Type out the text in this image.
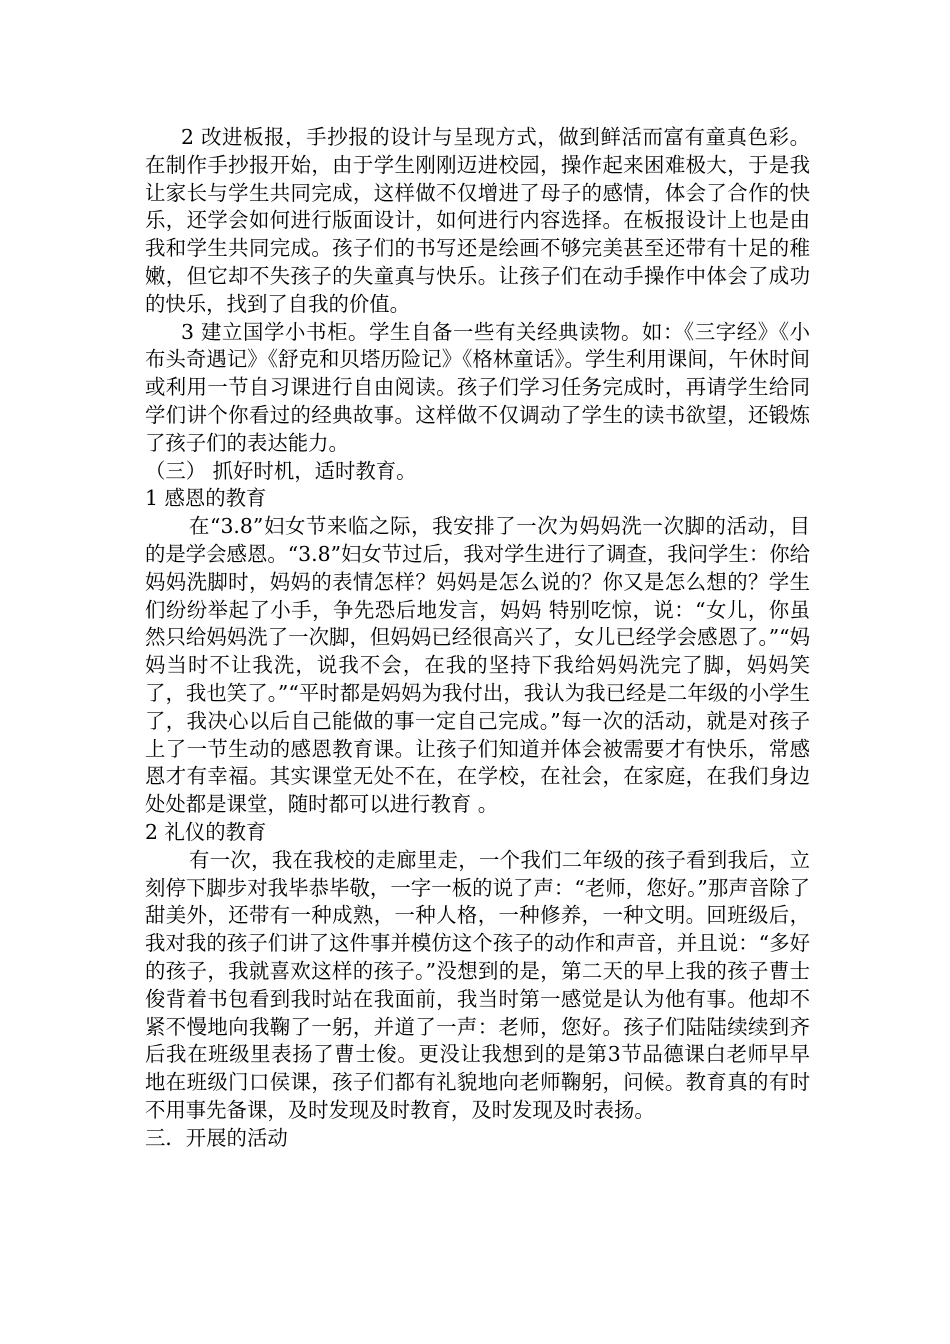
2 改进板报，手抄报的设计与呈现方式，做到鲜活而富有童真色彩。在制作手抄报开始，由于学生刚刚迈进校园，操作起来困难极大，于是我让家长与学生共同完成，这样做不仅增进了母子的感情，体会了合作的快乐，还学会如何进行版面设计，如何进行内容选择。在板报设计上也是由我和学生共同完成。孩子们的书写还是绘画不够完美甚至还带有十足的稚嫩，但它却不失孩子的失童真与快乐。让孩子们在动手操作中体会了成功的快乐，找到了自我的价值。

3 建立国学小书柜。学生自备一些有关经典读物。如：《三字经》《小布头奇遇记》《舒克和贝塔历险记》《格林童话》。学生利用课间，午休时间或利用一节自习课进行自由阅读。孩子们学习任务完成时，再请学生给同学们讲个你看过的经典故事。这样做不仅调动了学生的读书欲望，还锻炼了孩子们的表达能力。

（三） 抓好时机，适时教育。

1 感恩的教育

在“3.8”妇女节来临之际，我安排了一次为妈妈洗一次脚的活动，目的是学会感恩。“3.8”妇女节过后，我对学生进行了调查，我问学生：你给妈妈洗脚时，妈妈的表情怎样？妈妈是怎么说的？你又是怎么想的？学生们纷纷举起了小手，争先恐后地发言，妈妈 特别吃惊，说：“女儿，你虽然只给妈妈洗了一次脚，但妈妈已经很高兴了，女儿已经学会感恩了。”“妈妈当时不让我洗，说我不会，在我的坚持下我给妈妈洗完了脚，妈妈笑了，我也笑了。”“平时都是妈妈为我付出，我认为我已经是二年级的小学生了，我决心以后自己能做的事一定自己完成。”每一次的活动，就是对孩子上了一节生动的感恩教育课。让孩子们知道并体会被需要才有快乐，常感恩才有幸福。其实课堂无处不在，在学校，在社会，在家庭，在我们身边处处都是课堂，随时都可以进行教育 。

2 礼仪的教育

有一次，我在我校的走廊里走，一个我们二年级的孩子看到我后，立刻停下脚步对我毕恭毕敬，一字一板的说了声：“老师，您好。”那声音除了甜美外，还带有一种成熟，一种人格，一种修养，一种文明。回班级后，我对我的孩子们讲了这件事并模仿这个孩子的动作和声音，并且说：“多好的孩子，我就喜欢这样的孩子。”没想到的是，第二天的早上我的孩子曹士俊背着书包看到我时站在我面前，我当时第一感觉是认为他有事。他却不紧不慢地向我鞠了一躬，并道了一声：老师，您好。孩子们陆陆续续到齐后我在班级里表扬了曹士俊。更没让我想到的是第3节品德课白老师早早地在班级门口侯课，孩子们都有礼貌地向老师鞠躬，问候。教育真的有时不用事先备课，及时发现及时教育，及时发现及时表扬。

三．开展的活动
